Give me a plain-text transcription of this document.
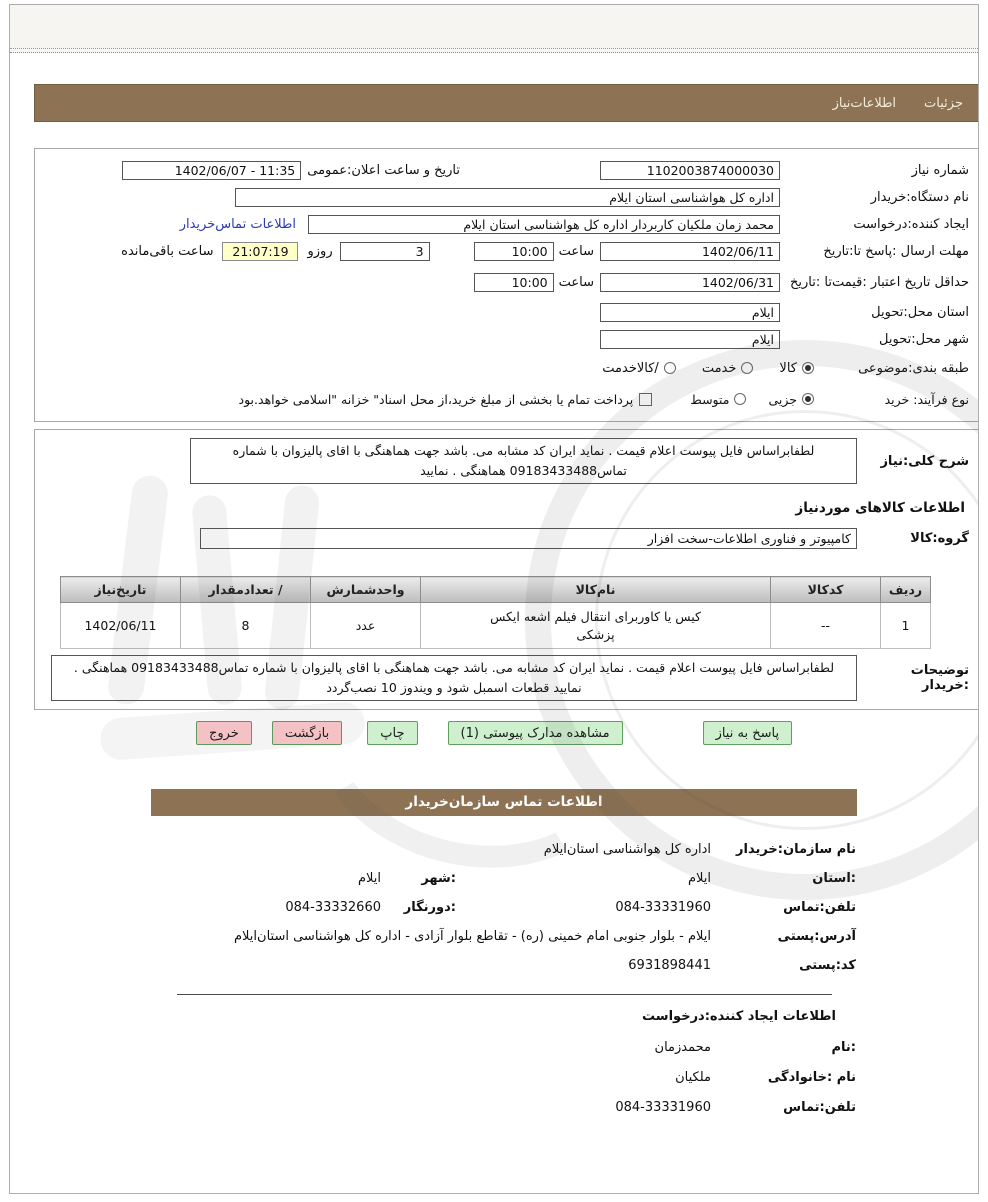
جزئیات
اطلاعات‌نیاز
شماره نیاز
1102003874000030
تاریخ و ساعت اعلان:عمومی
1402/06/07 - 11:35
نام دستگاه:خریدار
اداره کل هواشناسی استان ایلام
ایجاد کننده:درخواست
محمد زمان ملکیان کاربردار اداره کل هواشناسی استان ایلام
اطلاعات تماس‌خریدار
مهلت ارسال :پاسخ تا:تاریخ
1402/06/11
ساعت
10:00
3
روزو
21:07:19
ساعت باقی‌مانده
حداقل تاریخ اعتبار :قیمت‌تا :تاریخ
1402/06/31
ساعت
10:00
استان محل:تحویل
ایلام
شهر محل:تحویل
ایلام
طبقه بندی:موضوعی
کالا
خدمت
/کالاخدمت
نوع فرآیند: خرید
جزیی
متوسط
پرداخت تمام یا بخشی از مبلغ خرید،از محل اسناد" خزانه "اسلامی خواهد.بود
شرح کلی:نیاز
لطفابراساس فایل پیوست اعلام قیمت . نماید ایران کد مشابه می. باشد جهت هماهنگی با اقای پالیزوان با شماره تماس09183433488 هماهنگی . نمایید
اطلاعات کالاهای موردنیاز
گروه:کالا
کامپیوتر و فناوری اطلاعات-سخت افزار
ردیف	کدکالا	نام‌کالا	واحدشمارش	/ تعدادمقدار	تاریخ‌نیاز
1	--	کیس یا کاوربرای انتقال فیلم اشعه ایکس پزشکی	عدد	8	1402/06/11
توضیحات :خریدار
لطفابراساس فایل پیوست اعلام قیمت . نماید ایران کد مشابه می. باشد جهت هماهنگی با اقای پالیزوان با شماره تماس09183433488 هماهنگی . نمایید قطعات اسمبل شود و ویندوز 10 نصب‌گردد
پاسخ به نیاز
مشاهده مدارک پیوستی (1)
چاپ
بازگشت
خروج
اطلاعات تماس سازمان‌خریدار
نام سازمان:خریدار
اداره کل هواشناسی استان‌ایلام
:استان
ایلام
:شهر
ایلام
تلفن:تماس
084-33331960
:دورنگار
084-33332660
آدرس:پستی
ایلام - بلوار جنوبی امام خمینی (ره) - تقاطع بلوار آزادی - اداره کل هواشناسی استان‌ایلام
کد:پستی
6931898441
اطلاعات ایجاد کننده:درخواست
:نام
محمدزمان
نام :خانوادگی
ملکیان
تلفن:تماس
084-33331960
